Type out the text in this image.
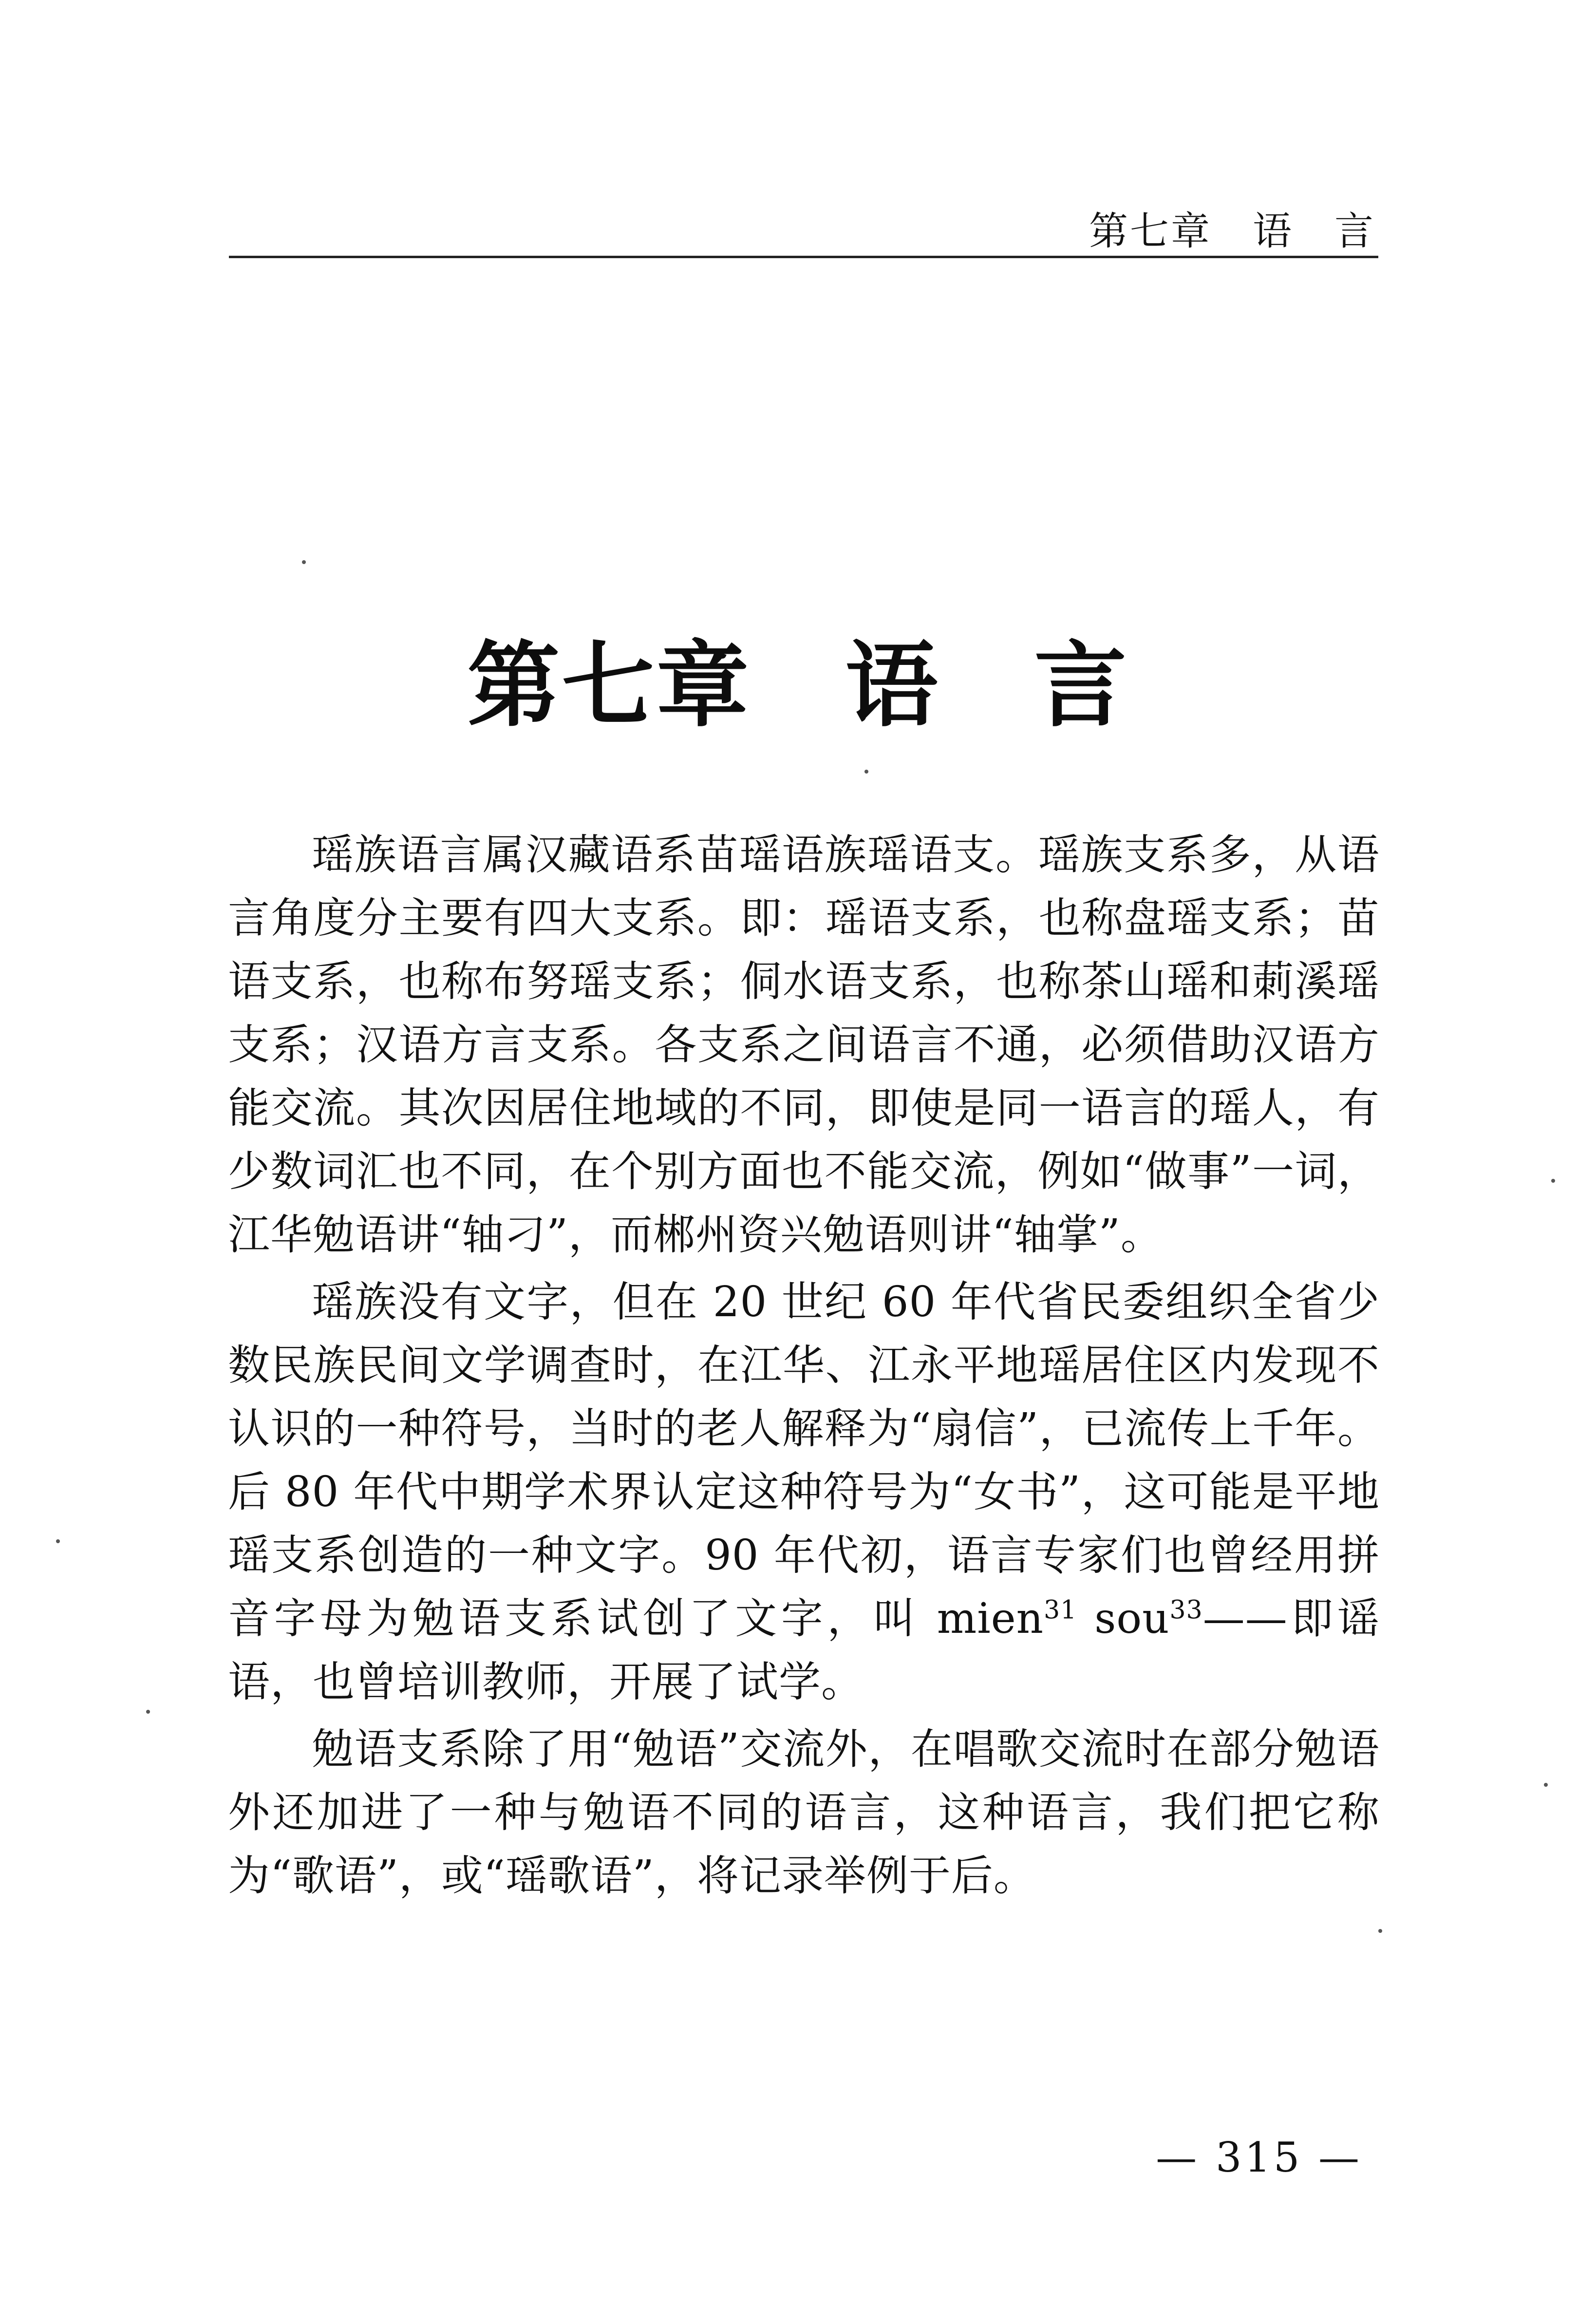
第七章　语　言
第七章　语　言

瑶族语言属汉藏语系苗瑶语族瑶语支。瑶族支系多，从语言角度分主要有四大支系。即：瑶语支系，也称盘瑶支系；苗语支系，也称布努瑶支系；侗水语支系，也称茶山瑶和莿溪瑶支系；汉语方言支系。各支系之间语言不通，必须借助汉语方能交流。其次因居住地域的不同，即使是同一语言的瑶人，有少数词汇也不同，在个别方面也不能交流，例如“做事”一词，江华勉语讲“轴刁”，而郴州资兴勉语则讲“轴掌”。

瑶族没有文字，但在 20 世纪 60 年代省民委组织全省少数民族民间文学调查时，在江华、江永平地瑶居住区内发现不认识的一种符号，当时的老人解释为“扇信”，已流传上千年。后 80 年代中期学术界认定这种符号为“女书”，这可能是平地瑶支系创造的一种文字。90 年代初，语言专家们也曾经用拼音字母为勉语支系试创了文字，叫 mien$^{31}$ sou$^{33}$——即谣语，也曾培训教师，开展了试学。

勉语支系除了用“勉语”交流外，在唱歌交流时在部分勉语外还加进了一种与勉语不同的语言，这种语言，我们把它称为“歌语”，或“瑶歌语”，将记录举例于后。

— 315 —
